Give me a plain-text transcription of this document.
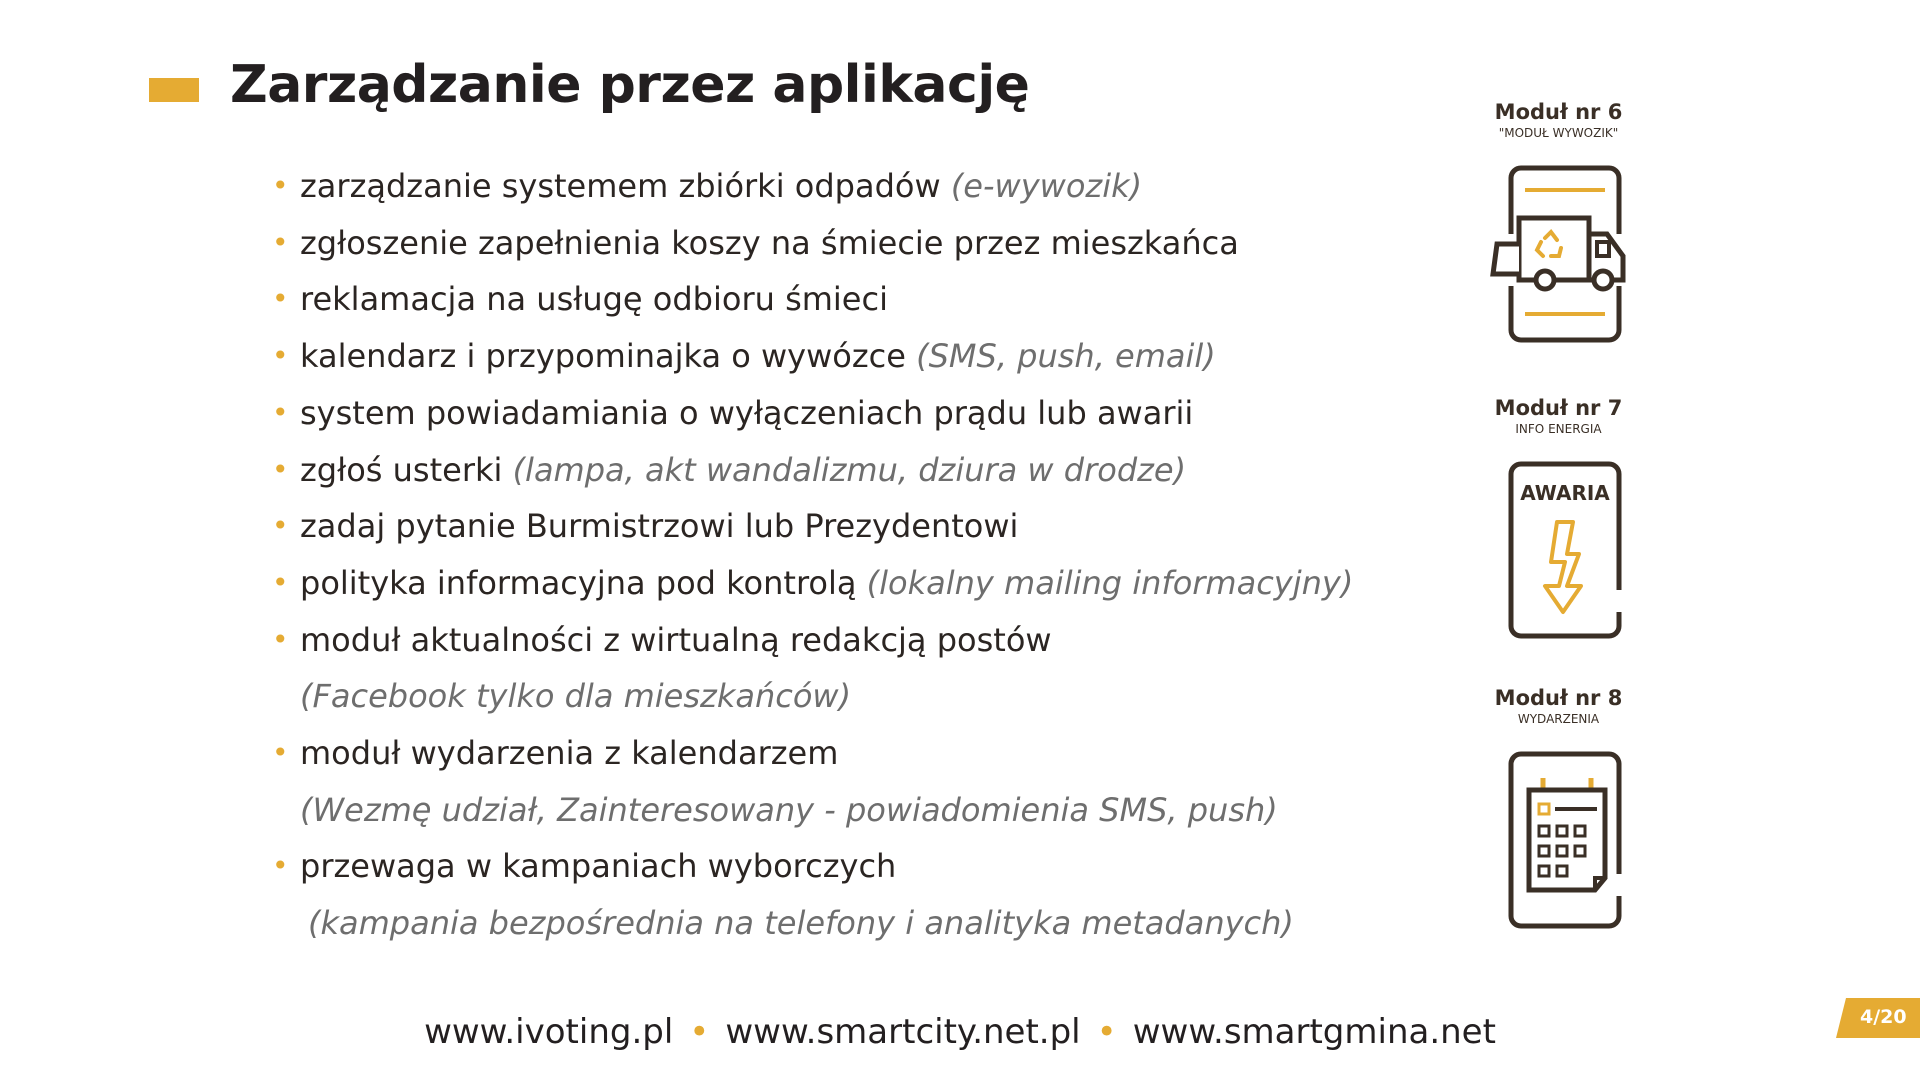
Zarządzanie przez aplikację
• zarządzanie systemem zbiórki odpadów (e-wywozik)
• zgłoszenie zapełnienia koszy na śmiecie przez mieszkańca
• reklamacja na usługę odbioru śmieci
• kalendarz i przypominajka o wywózce (SMS, push, email)
• system powiadamiania o wyłączeniach prądu lub awarii
• zgłoś usterki (lampa, akt wandalizmu, dziura w drodze)
• zadaj pytanie Burmistrzowi lub Prezydentowi
• polityka informacyjna pod kontrolą (lokalny mailing informacyjny)
• moduł aktualności z wirtualną redakcją postów
(Facebook tylko dla mieszkańców)
• moduł wydarzenia z kalendarzem
(Wezmę udział, Zainteresowany - powiadomienia SMS, push)
• przewaga w kampaniach wyborczych
(kampania bezpośrednia na telefony i analityka metadanych)
Moduł nr 6
"MODUŁ WYWOZIK"
Moduł nr 7
INFO ENERGIA
AWARIA
Moduł nr 8
WYDARZENIA
www.ivoting.pl • www.smartcity.net.pl • www.smartgmina.net	4/20
